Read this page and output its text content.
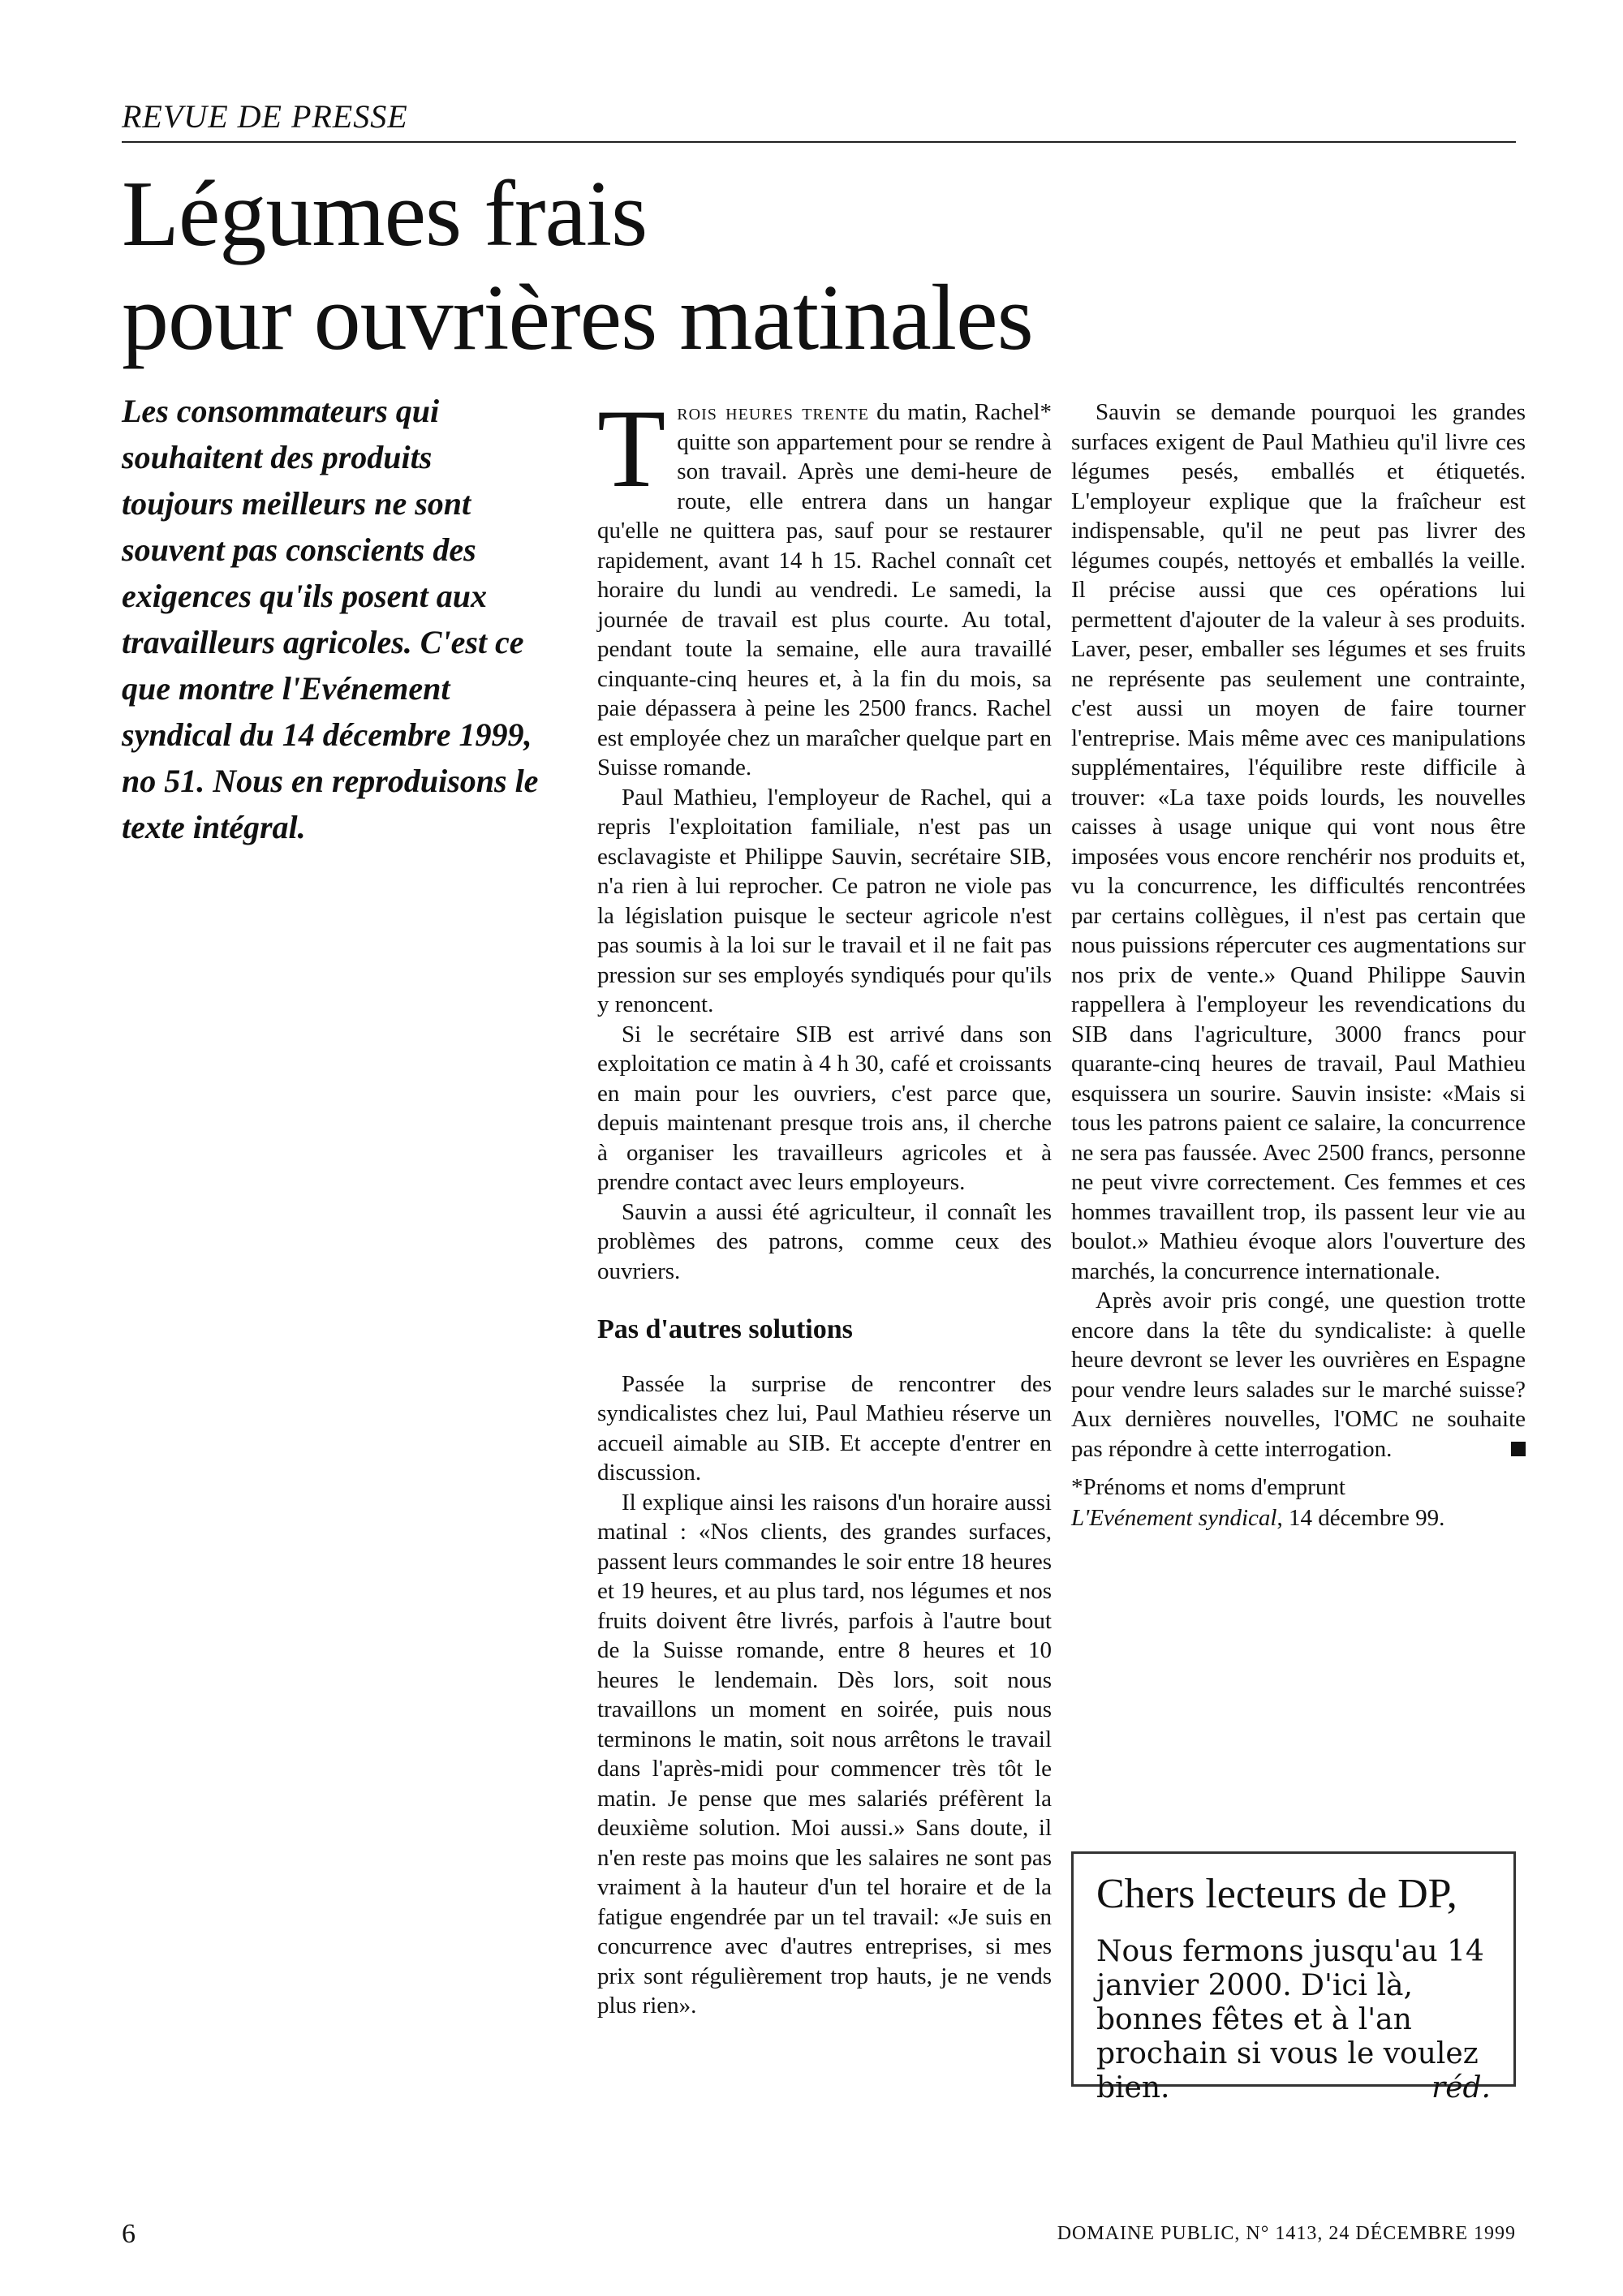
REVUE DE PRESSE
Légumes frais
pour ouvrières matinales
Les consommateurs qui souhaitent des produits toujours meilleurs ne sont souvent pas conscients des exigences qu'ils posent aux travailleurs agricoles. C'est ce que montre l'Evénement syndical du 14 décembre 1999, no 51. Nous en reproduisons le texte intégral.

Trois heures trente du matin, Rachel* quitte son appartement pour se rendre à son travail. Après une demi-heure de route, elle entrera dans un hangar qu'elle ne quittera pas, sauf pour se restaurer rapidement, avant 14 h 15. Rachel connaît cet horaire du lundi au vendredi. Le samedi, la journée de travail est plus courte. Au total, pendant toute la semaine, elle aura travaillé cinquante-cinq heures et, à la fin du mois, sa paie dépassera à peine les 2500 francs. Rachel est employée chez un maraîcher quelque part en Suisse romande.

Paul Mathieu, l'employeur de Rachel, qui a repris l'exploitation familiale, n'est pas un esclavagiste et Philippe Sauvin, secrétaire SIB, n'a rien à lui reprocher. Ce patron ne viole pas la législation puisque le secteur agricole n'est pas soumis à la loi sur le travail et il ne fait pas pression sur ses employés syndiqués pour qu'ils y renoncent.

Si le secrétaire SIB est arrivé dans son exploitation ce matin à 4 h 30, café et croissants en main pour les ouvriers, c'est parce que, depuis maintenant presque trois ans, il cherche à organiser les travailleurs agricoles et à prendre contact avec leurs employeurs.

Sauvin a aussi été agriculteur, il connaît les problèmes des patrons, comme ceux des ouvriers.

Pas d'autres solutions

Passée la surprise de rencontrer des syndicalistes chez lui, Paul Mathieu réserve un accueil aimable au SIB. Et accepte d'entrer en discussion.

Il explique ainsi les raisons d'un horaire aussi matinal : «Nos clients, des grandes surfaces, passent leurs commandes le soir entre 18 heures et 19 heures, et au plus tard, nos légumes et nos fruits doivent être livrés, parfois à l'autre bout de la Suisse romande, entre 8 heures et 10 heures le lendemain. Dès lors, soit nous travaillons un moment en soirée, puis nous terminons le matin, soit nous arrêtons le travail dans l'après-midi pour commencer très tôt le matin. Je pense que mes salariés préfèrent la deuxième solution. Moi aussi.» Sans doute, il n'en reste pas moins que les salaires ne sont pas vraiment à la hauteur d'un tel horaire et de la fatigue engendrée par un tel travail: «Je suis en concurrence avec d'autres entreprises, si mes prix sont régulièrement trop hauts, je ne vends plus rien».

Sauvin se demande pourquoi les grandes surfaces exigent de Paul Mathieu qu'il livre ces légumes pesés, emballés et étiquetés. L'employeur explique que la fraîcheur est indispensable, qu'il ne peut pas livrer des légumes coupés, nettoyés et emballés la veille. Il précise aussi que ces opérations lui permettent d'ajouter de la valeur à ses produits. Laver, peser, emballer ses légumes et ses fruits ne représente pas seulement une contrainte, c'est aussi un moyen de faire tourner l'entreprise. Mais même avec ces manipulations supplémentaires, l'équilibre reste difficile à trouver: «La taxe poids lourds, les nouvelles caisses à usage unique qui vont nous être imposées vous encore renchérir nos produits et, vu la concurrence, les difficultés rencontrées par certains collègues, il n'est pas certain que nous puissions répercuter ces augmentations sur nos prix de vente.» Quand Philippe Sauvin rappellera à l'employeur les revendications du SIB dans l'agriculture, 3000 francs pour quarante-cinq heures de travail, Paul Mathieu esquissera un sourire. Sauvin insiste: «Mais si tous les patrons paient ce salaire, la concurrence ne sera pas faussée. Avec 2500 francs, personne ne peut vivre correctement. Ces femmes et ces hommes travaillent trop, ils passent leur vie au boulot.» Mathieu évoque alors l'ouverture des marchés, la concurrence internationale.

Après avoir pris congé, une question trotte encore dans la tête du syndicaliste: à quelle heure devront se lever les ouvrières en Espagne pour vendre leurs salades sur le marché suisse? Aux dernières nouvelles, l'OMC ne souhaite pas répondre à cette interrogation.

*Prénoms et noms d'emprunt
L'Evénement syndical, 14 décembre 99.
Chers lecteurs de DP,
Nous fermons jusqu'au 14 janvier 2000. D'ici là, bonnes fêtes et à l'an prochain si vous le voulez bien.	réd.
6	DOMAINE PUBLIC, N° 1413, 24 DÉCEMBRE 1999
